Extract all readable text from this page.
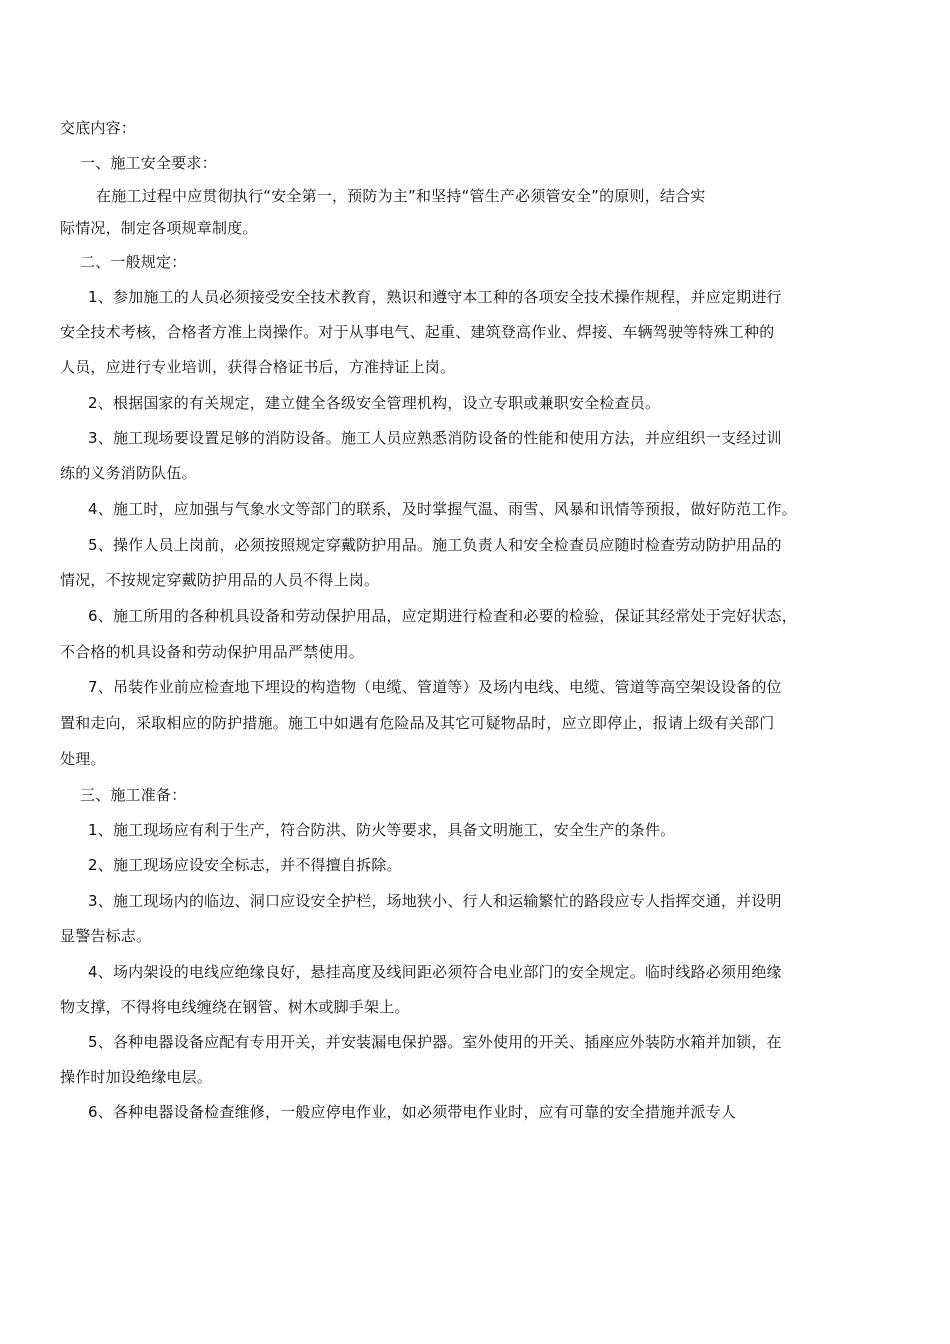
交底内容：
一、施工安全要求：
在施工过程中应贯彻执行“安全第一，预防为主”和坚持“管生产必须管安全”的原则，结合实
际情况，制定各项规章制度。
二、一般规定：
1、参加施工的人员必须接受安全技术教育，熟识和遵守本工种的各项安全技术操作规程，并应定期进行
安全技术考核，合格者方准上岗操作。对于从事电气、起重、建筑登高作业、焊接、车辆驾驶等特殊工种的
人员，应进行专业培训，获得合格证书后，方准持证上岗。
2、根据国家的有关规定，建立健全各级安全管理机构，设立专职或兼职安全检查员。
3、施工现场要设置足够的消防设备。施工人员应熟悉消防设备的性能和使用方法，并应组织一支经过训
练的义务消防队伍。
4、施工时，应加强与气象水文等部门的联系，及时掌握气温、雨雪、风暴和讯情等预报，做好防范工作。
5、操作人员上岗前，必须按照规定穿戴防护用品。施工负责人和安全检查员应随时检查劳动防护用品的
情况，不按规定穿戴防护用品的人员不得上岗。
6、施工所用的各种机具设备和劳动保护用品，应定期进行检查和必要的检验，保证其经常处于完好状态，
不合格的机具设备和劳动保护用品严禁使用。
7、吊装作业前应检查地下埋设的构造物（电缆、管道等）及场内电线、电缆、管道等高空架设设备的位
置和走向，采取相应的防护措施。施工中如遇有危险品及其它可疑物品时，应立即停止，报请上级有关部门
处理。
三、施工准备：
1、施工现场应有利于生产，符合防洪、防火等要求，具备文明施工，安全生产的条件。
2、施工现场应设安全标志，并不得擅自拆除。
3、施工现场内的临边、洞口应设安全护栏，场地狭小、行人和运输繁忙的路段应专人指挥交通，并设明
显警告标志。
4、场内架设的电线应绝缘良好，悬挂高度及线间距必须符合电业部门的安全规定。临时线路必须用绝缘
物支撑，不得将电线缠绕在钢管、树木或脚手架上。
5、各种电器设备应配有专用开关，并安装漏电保护器。室外使用的开关、插座应外装防水箱并加锁，在
操作时加设绝缘电层。
6、各种电器设备检查维修，一般应停电作业，如必须带电作业时，应有可靠的安全措施并派专人
